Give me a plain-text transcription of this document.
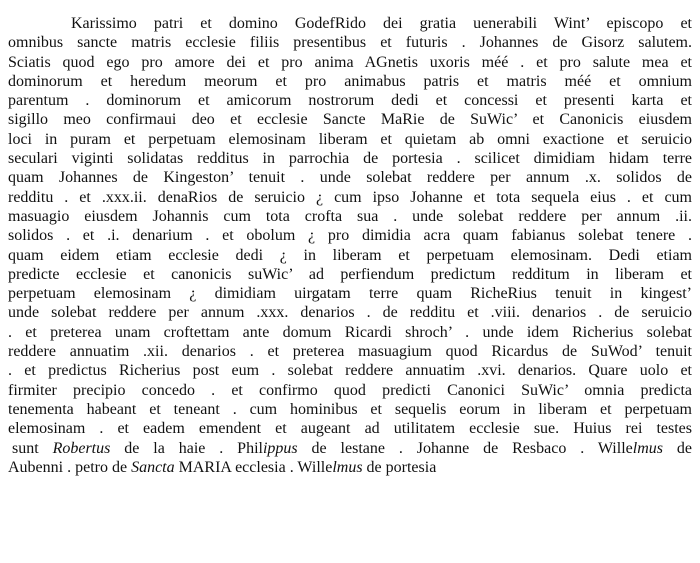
Karissimo patri et domino GodefRido dei gratia uenerabili Wint’ episcopo et
omnibus sancte matris ecclesie filiis presentibus et futuris . Johannes de Gisorz salutem.
Sciatis quod ego pro amore dei et pro anima AGnetis uxoris méé . et pro salute mea et
dominorum et heredum meorum et pro animabus patris et matris méé et omnium
parentum . dominorum et amicorum nostrorum dedi et concessi et presenti karta et
sigillo meo confirmaui deo et ecclesie Sancte MaRie de SuWic’ et Canonicis eiusdem
loci in puram et perpetuam elemosinam liberam et quietam ab omni exactione et seruicio
seculari viginti solidatas redditus in parrochia de portesia . scilicet dimidiam hidam terre
quam Johannes de Kingeston’ tenuit . unde solebat reddere per annum .x. solidos de
redditu . et .xxx.ii. denaRios de seruicio ¿ cum ipso Johanne et tota sequela eius . et cum
masuagio eiusdem Johannis cum tota crofta sua . unde solebat reddere per annum .ii.
solidos . et .i. denarium . et obolum ¿ pro dimidia acra quam fabianus solebat tenere .
quam eidem etiam ecclesie dedi ¿ in liberam et perpetuam elemosinam. Dedi etiam
predicte ecclesie et canonicis suWic’ ad perfiendum predictum redditum in liberam et
perpetuam elemosinam ¿ dimidiam uirgatam terre quam RicheRius tenuit in kingest’
unde solebat reddere per annum .xxx. denarios . de redditu et .viii. denarios . de seruicio
. et preterea unam croftettam ante domum Ricardi shroch’ . unde idem Richerius solebat
reddere annuatim .xii. denarios . et preterea masuagium quod Ricardus de SuWod’ tenuit
. et predictus Richerius post eum . solebat reddere annuatim .xvi. denarios. Quare uolo et
firmiter precipio concedo . et confirmo quod predicti Canonici SuWic’ omnia predicta
tenementa habeant et teneant . cum hominibus et sequelis eorum in liberam et perpetuam
elemosinam . et eadem emendent et augeant ad utilitatem ecclesie sue. Huius rei testes
sunt Robertus de la haie . Philippus de lestane . Johanne de Resbaco . Willelmus de
Aubenni . petro de Sancta MARIA ecclesia . Willelmus de portesia
